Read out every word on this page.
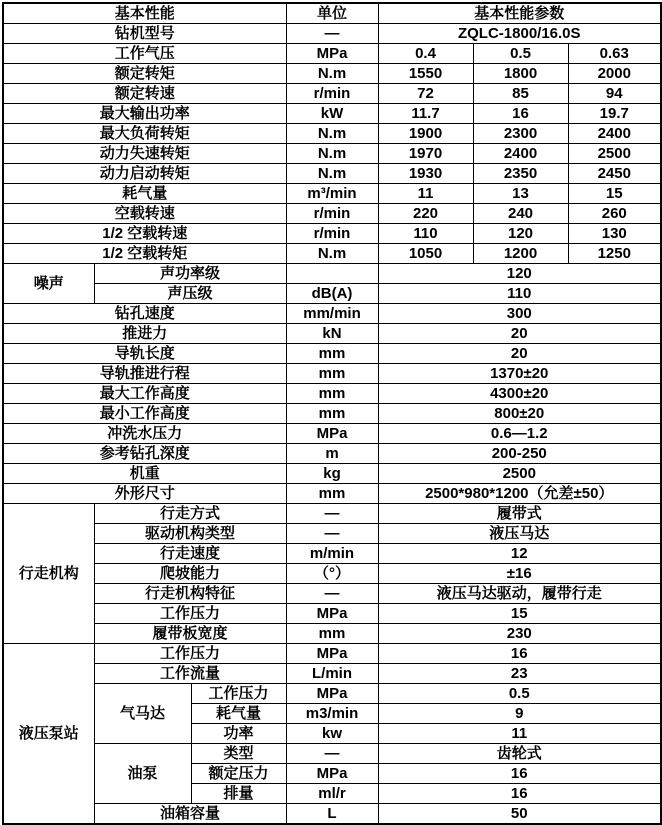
基本性能			单位	基本性能参数		
钻机型号			—	ZQLC-1800/16.0S		
工作气压			MPa	0.4	0.5	0.63
额定转矩			N.m	1550	1800	2000
额定转速			r/min	72	85	94
最大输出功率			kW	11.7	16	19.7
最大负荷转矩			N.m	1900	2300	2400
动力失速转矩			N.m	1970	2400	2500
动力启动转矩			N.m	1930	2350	2450
耗气量			m³/min	11	13	15
空载转速			r/min	220	240	260
1/2 空载转速			r/min	110	120	130
1/2 空载转矩			N.m	1050	1200	1250
噪声	声功率级			120		
	声压级		dB(A)	110		
钻孔速度			mm/min	300		
推进力			kN	20		
导轨长度			mm	20		
导轨推进行程			mm	1370±20		
最大工作高度			mm	4300±20		
最小工作高度			mm	800±20		
冲洗水压力			MPa	0.6—1.2		
参考钻孔深度			m	200-250		
机重			kg	2500		
外形尺寸			mm	2500*980*1200（允差±50）		
行走机构	行走方式		—	履带式		
	驱动机构类型		—	液压马达		
	行走速度		m/min	12		
	爬坡能力		（°）	±16		
	行走机构特征		—	液压马达驱动，履带行走		
	工作压力		MPa	15		
	履带板宽度		mm	230		
液压泵站	工作压力		MPa	16		
	工作流量		L/min	23		
	气马达	工作压力	MPa	0.5		
		耗气量	m3/min	9		
		功率	kw	11		
	油泵	类型	—	齿轮式		
		额定压力	MPa	16		
		排量	ml/r	16		
	油箱容量		L	50		
